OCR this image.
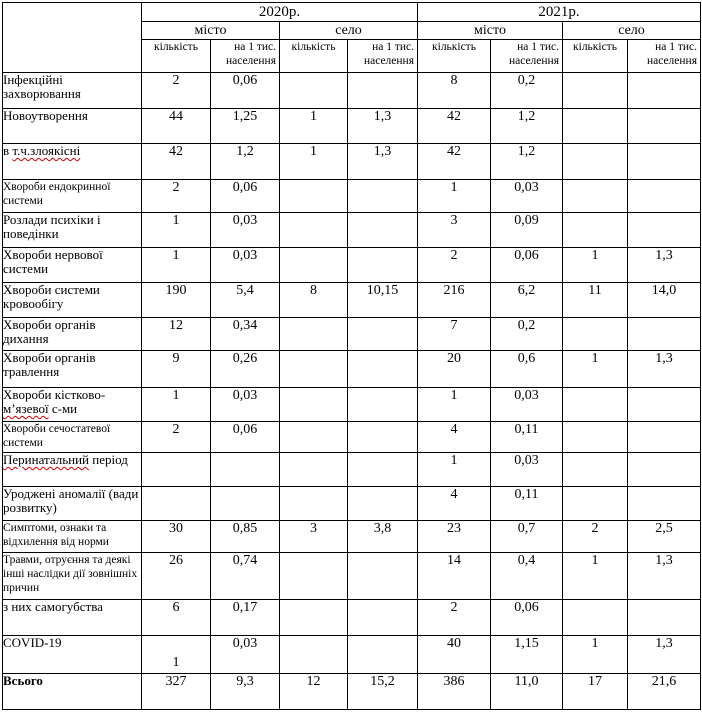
	2020р.				2021р.			
	місто		село		місто		село	
	кількість	на 1 тис. населення	кількість	на 1 тис. населення	кількість	на 1 тис. населення	кількість	на 1 тис. населення
Інфекційні захворювання	2	0,06			8	0,2		
Новоутворення	44	1,25	1	1,3	42	1,2		
в т.ч.злоякісні	42	1,2	1	1,3	42	1,2		
Хвороби ендокринної системи	2	0,06			1	0,03		
Розлади психіки і поведінки	1	0,03			3	0,09		
Хвороби нервової системи	1	0,03			2	0,06	1	1,3
Хвороби системи кровообігу	190	5,4	8	10,15	216	6,2	11	14,0
Хвороби органів дихання	12	0,34			7	0,2		
Хвороби органів травлення	9	0,26			20	0,6	1	1,3
Хвороби кістково-м’язевої с-ми	1	0,03			1	0,03		
Хвороби сечостатевої системи	2	0,06			4	0,11		
Перинатальний період					1	0,03		
Уроджені аномалії (вади розвитку)					4	0,11		
Симптоми, ознаки та відхилення від норми	30	0,85	3	3,8	23	0,7	2	2,5
Травми, отруєння та деякі інші наслідки дії зовнішніх причин	26	0,74			14	0,4	1	1,3
з них самогубства	6	0,17			2	0,06		
COVID-19	1	0,03			40	1,15	1	1,3
Всього	327	9,3	12	15,2	386	11,0	17	21,6
